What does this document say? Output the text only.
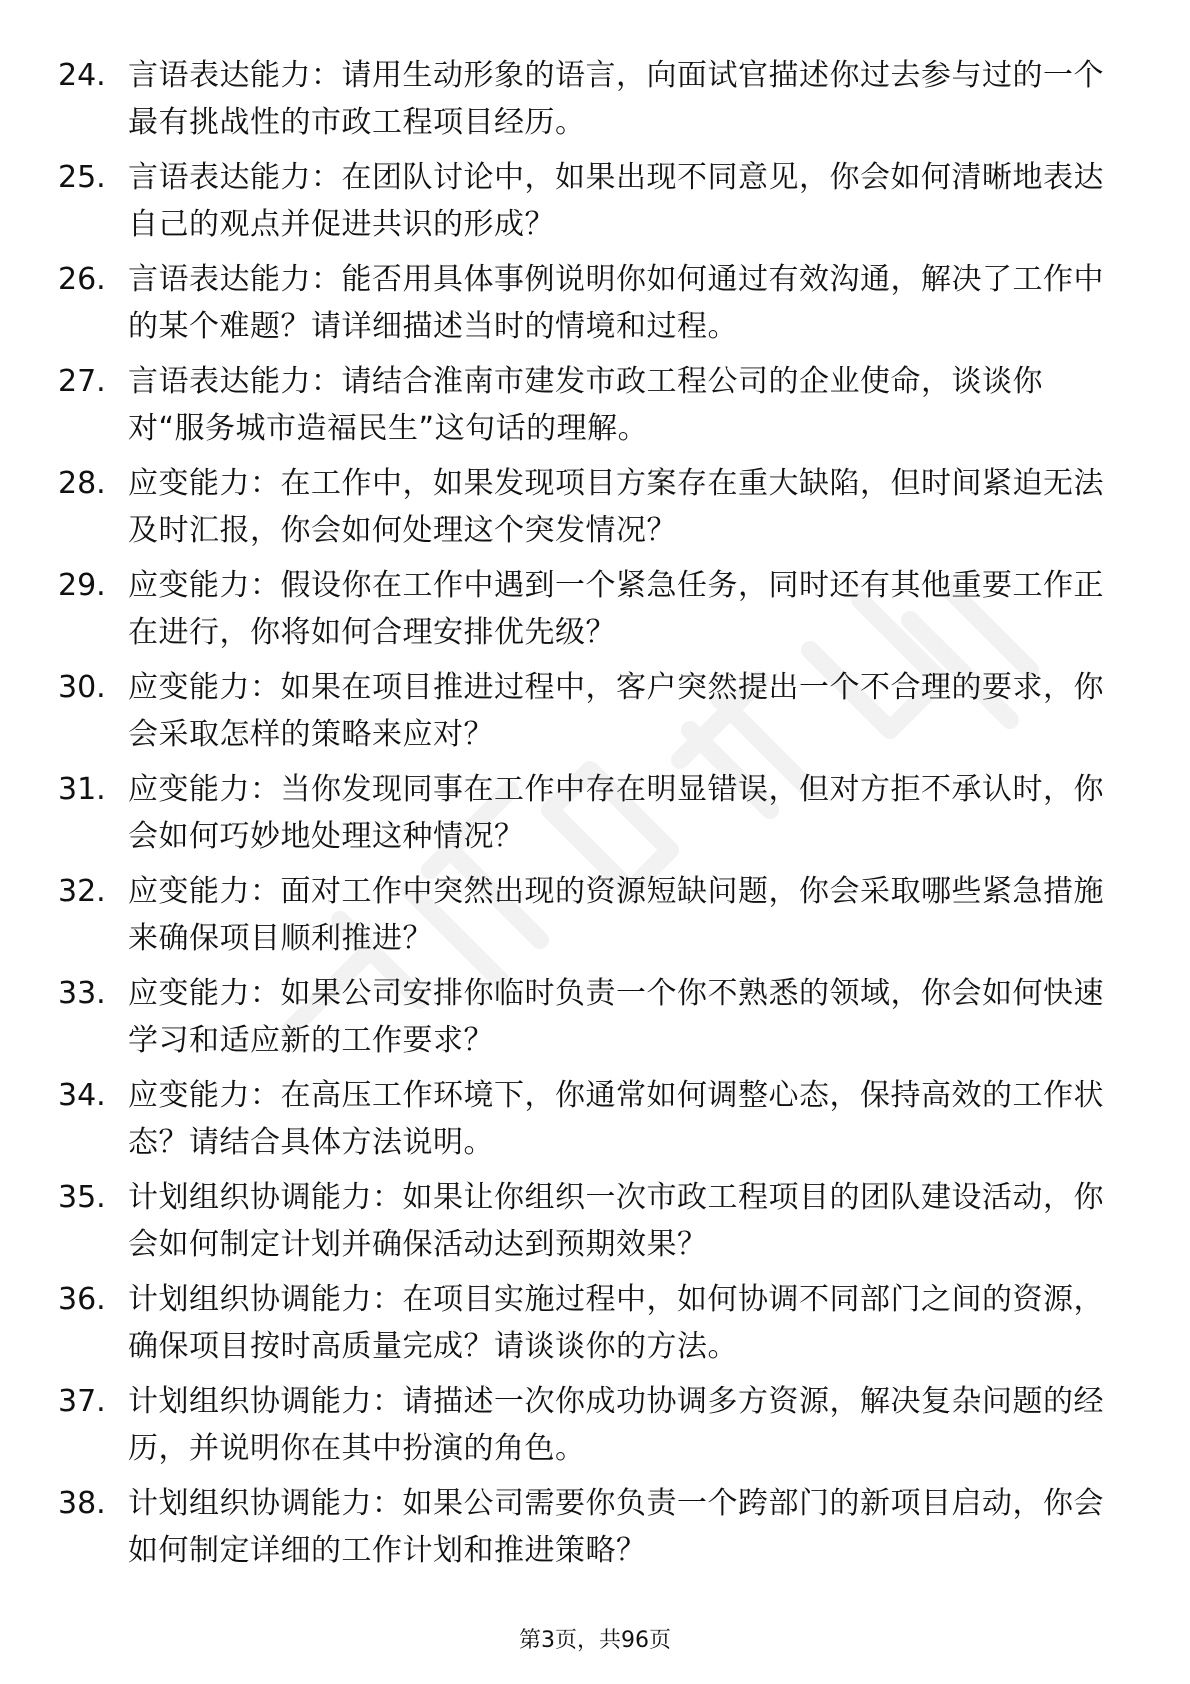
24. 言语表达能力：请用生动形象的语言，向面试官描述你过去参与过的一个最有挑战性的市政工程项目经历。
25. 言语表达能力：在团队讨论中，如果出现不同意见，你会如何清晰地表达自己的观点并促进共识的形成？
26. 言语表达能力：能否用具体事例说明你如何通过有效沟通，解决了工作中的某个难题？请详细描述当时的情境和过程。
27. 言语表达能力：请结合淮南市建发市政工程公司的企业使命，谈谈你对“服务城市造福民生”这句话的理解。
28. 应变能力：在工作中，如果发现项目方案存在重大缺陷，但时间紧迫无法及时汇报，你会如何处理这个突发情况？
29. 应变能力：假设你在工作中遇到一个紧急任务，同时还有其他重要工作正在进行，你将如何合理安排优先级？
30. 应变能力：如果在项目推进过程中，客户突然提出一个不合理的要求，你会采取怎样的策略来应对？
31. 应变能力：当你发现同事在工作中存在明显错误，但对方拒不承认时，你会如何巧妙地处理这种情况？
32. 应变能力：面对工作中突然出现的资源短缺问题，你会采取哪些紧急措施来确保项目顺利推进？
33. 应变能力：如果公司安排你临时负责一个你不熟悉的领域，你会如何快速学习和适应新的工作要求？
34. 应变能力：在高压工作环境下，你通常如何调整心态，保持高效的工作状态？请结合具体方法说明。
35. 计划组织协调能力：如果让你组织一次市政工程项目的团队建设活动，你会如何制定计划并确保活动达到预期效果？
36. 计划组织协调能力：在项目实施过程中，如何协调不同部门之间的资源，确保项目按时高质量完成？请谈谈你的方法。
37. 计划组织协调能力：请描述一次你成功协调多方资源，解决复杂问题的经历，并说明你在其中扮演的角色。
38. 计划组织协调能力：如果公司需要你负责一个跨部门的新项目启动，你会如何制定详细的工作计划和推进策略？
第3页，共96页
